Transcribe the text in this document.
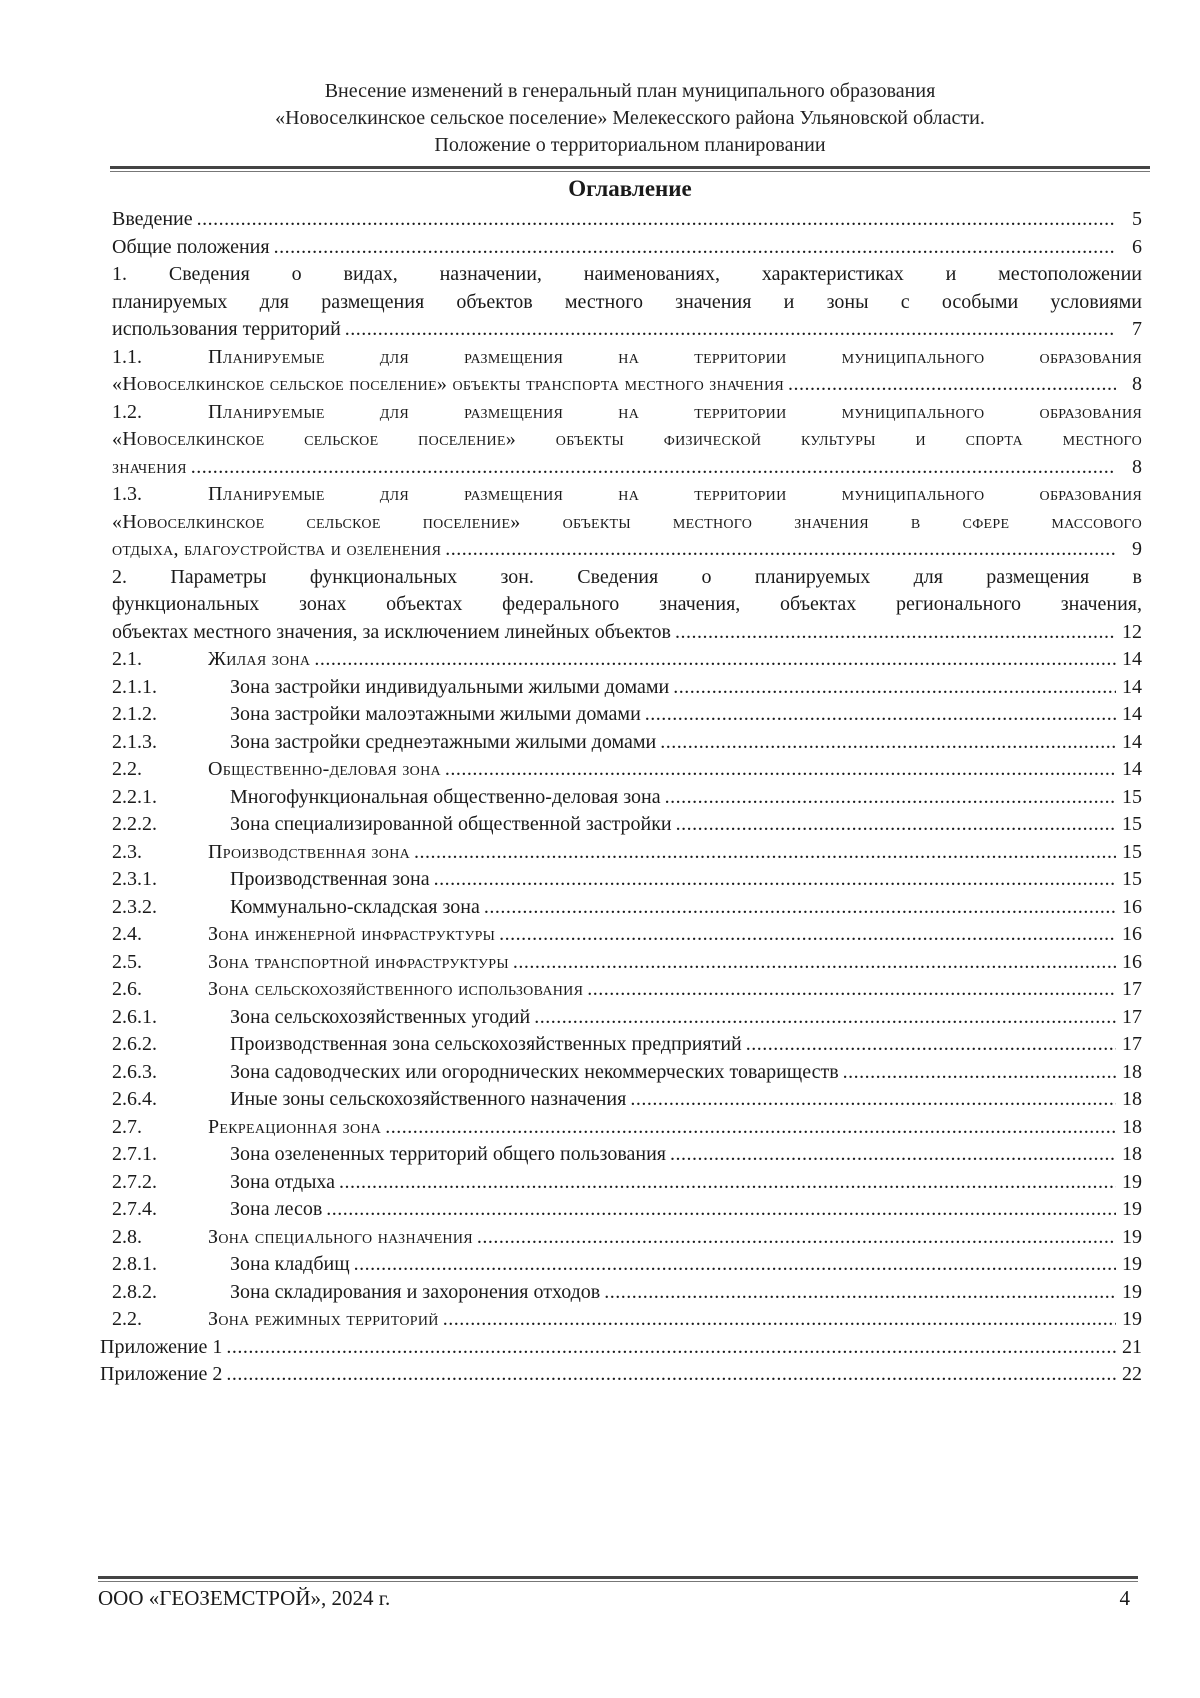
Внесение изменений в генеральный план муниципального образования
«Новоселкинское сельское поселение» Мелекесского района Ульяновской области.
Положение о территориальном планировании
Оглавление
Введение .....	5
Общие положения .....	6
1. Сведения о видах, назначении, наименованиях, характеристиках и местоположении
планируемых для размещения объектов местного значения и зоны с особыми условиями
использования территорий .....	7
1.1.	Планируемые для размещения на территории муниципального образования
«Новоселкинское сельское поселение» объекты транспорта местного значения .....	8
1.2.	Планируемые для размещения на территории муниципального образования
«Новоселкинское сельское поселение» объекты физической культуры и спорта местного
значения .....	8
1.3.	Планируемые для размещения на территории муниципального образования
«Новоселкинское сельское поселение» объекты местного значения в сфере массового
отдыха, благоустройства и озеленения .....	9
2. Параметры функциональных зон. Сведения о планируемых для размещения в
функциональных зонах объектах федерального значения, объектах регионального значения,
объектах местного значения, за исключением линейных объектов .....	12
2.1.	Жилая зона .....	14
2.1.1.	Зона застройки индивидуальными жилыми домами .....	14
2.1.2.	Зона застройки малоэтажными жилыми домами .....	14
2.1.3.	Зона застройки среднеэтажными жилыми домами .....	14
2.2.	Общественно-деловая зона .....	14
2.2.1.	Многофункциональная общественно-деловая зона .....	15
2.2.2.	Зона специализированной общественной застройки .....	15
2.3.	Производственная зона .....	15
2.3.1.	Производственная зона .....	15
2.3.2.	Коммунально-складская зона .....	16
2.4.	Зона инженерной инфраструктуры .....	16
2.5.	Зона транспортной инфраструктуры .....	16
2.6.	Зона сельскохозяйственного использования .....	17
2.6.1.	Зона сельскохозяйственных угодий .....	17
2.6.2.	Производственная зона сельскохозяйственных предприятий .....	17
2.6.3.	Зона садоводческих или огороднических некоммерческих товариществ .....	18
2.6.4.	Иные зоны сельскохозяйственного назначения .....	18
2.7.	Рекреационная зона .....	18
2.7.1.	Зона озелененных территорий общего пользования .....	18
2.7.2.	Зона отдыха .....	19
2.7.4.	Зона лесов .....	19
2.8.	Зона специального назначения .....	19
2.8.1.	Зона кладбищ .....	19
2.8.2.	Зона складирования и захоронения отходов .....	19
2.2.	Зона режимных территорий .....	19
Приложение 1 .....	21
Приложение 2 .....	22
ООО «ГЕОЗЕМСТРОЙ», 2024 г.	4
